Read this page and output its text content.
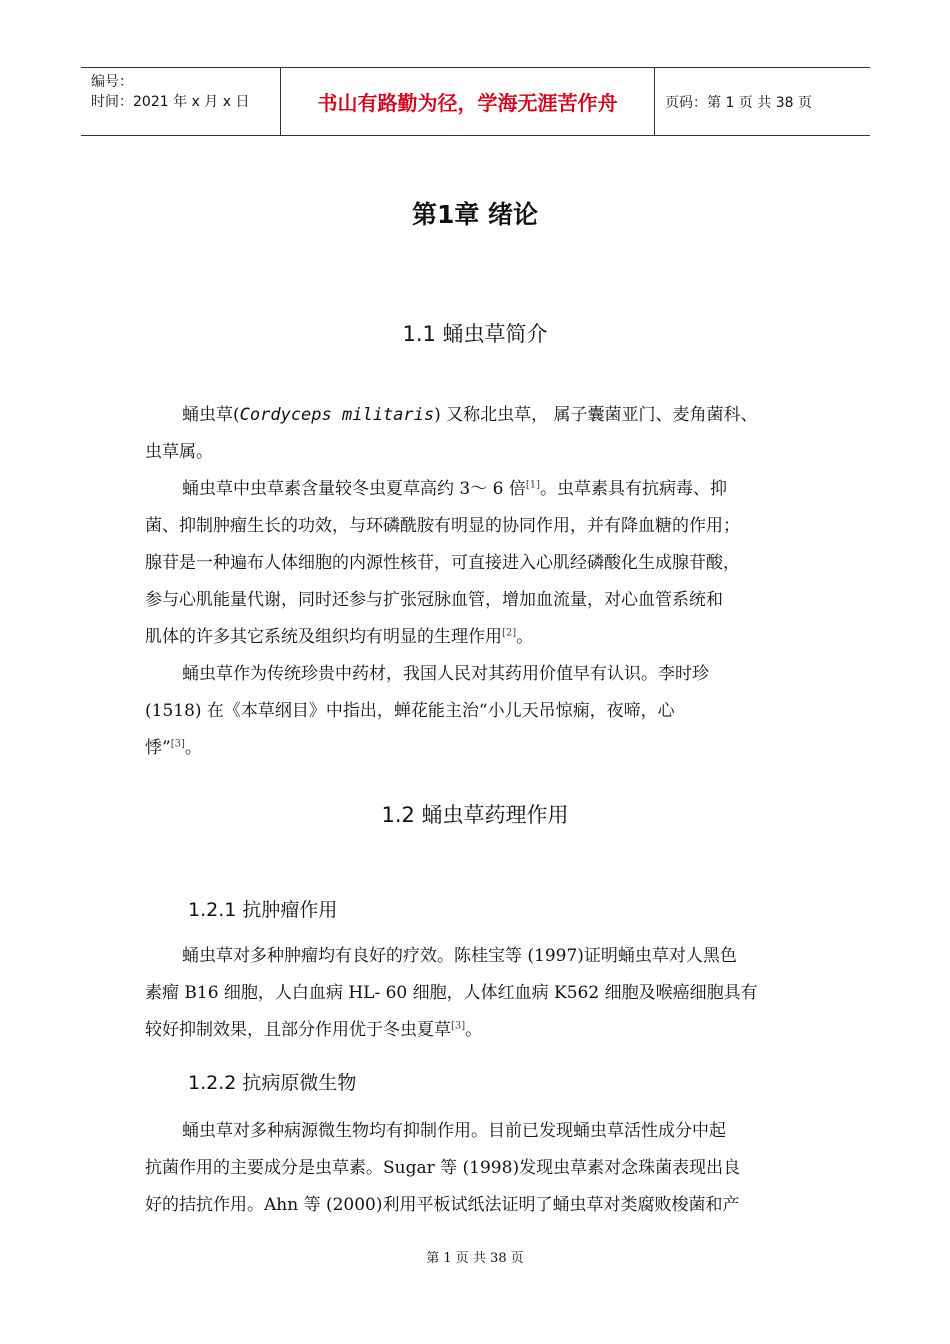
编号：
时间：2021 年 x 月 x 日	书山有路勤为径，学海无涯苦作舟	页码：第 1 页 共 38 页
第1章 绪论
1.1 蛹虫草简介
蛹虫草(Cordyceps militaris) 又称北虫草， 属子囊菌亚门、麦角菌科、
虫草属。
蛹虫草中虫草素含量较冬虫夏草高约 3～ 6 倍[1]。虫草素具有抗病毒、抑
菌、抑制肿瘤生长的功效，与环磷酰胺有明显的协同作用，并有降血糖的作用；
腺苷是一种遍布人体细胞的内源性核苷，可直接进入心肌经磷酸化生成腺苷酸，
参与心肌能量代谢，同时还参与扩张冠脉血管，增加血流量，对心血管系统和
肌体的许多其它系统及组织均有明显的生理作用[2]。
蛹虫草作为传统珍贵中药材，我国人民对其药用价值早有认识。李时珍
(1518) 在《本草纲目》中指出，蝉花能主治“小儿天吊惊痫，夜啼，心
悸”[3]。
1.2 蛹虫草药理作用
1.2.1 抗肿瘤作用
蛹虫草对多种肿瘤均有良好的疗效。陈桂宝等 (1997)证明蛹虫草对人黑色
素瘤 B16 细胞，人白血病 HL- 60 细胞，人体红血病 K562 细胞及喉癌细胞具有
较好抑制效果，且部分作用优于冬虫夏草[3]。
1.2.2 抗病原微生物
蛹虫草对多种病源微生物均有抑制作用。目前已发现蛹虫草活性成分中起
抗菌作用的主要成分是虫草素。Sugar 等 (1998)发现虫草素对念珠菌表现出良
好的拮抗作用。Ahn 等 (2000)利用平板试纸法证明了蛹虫草对类腐败梭菌和产
第 1 页 共 38 页
